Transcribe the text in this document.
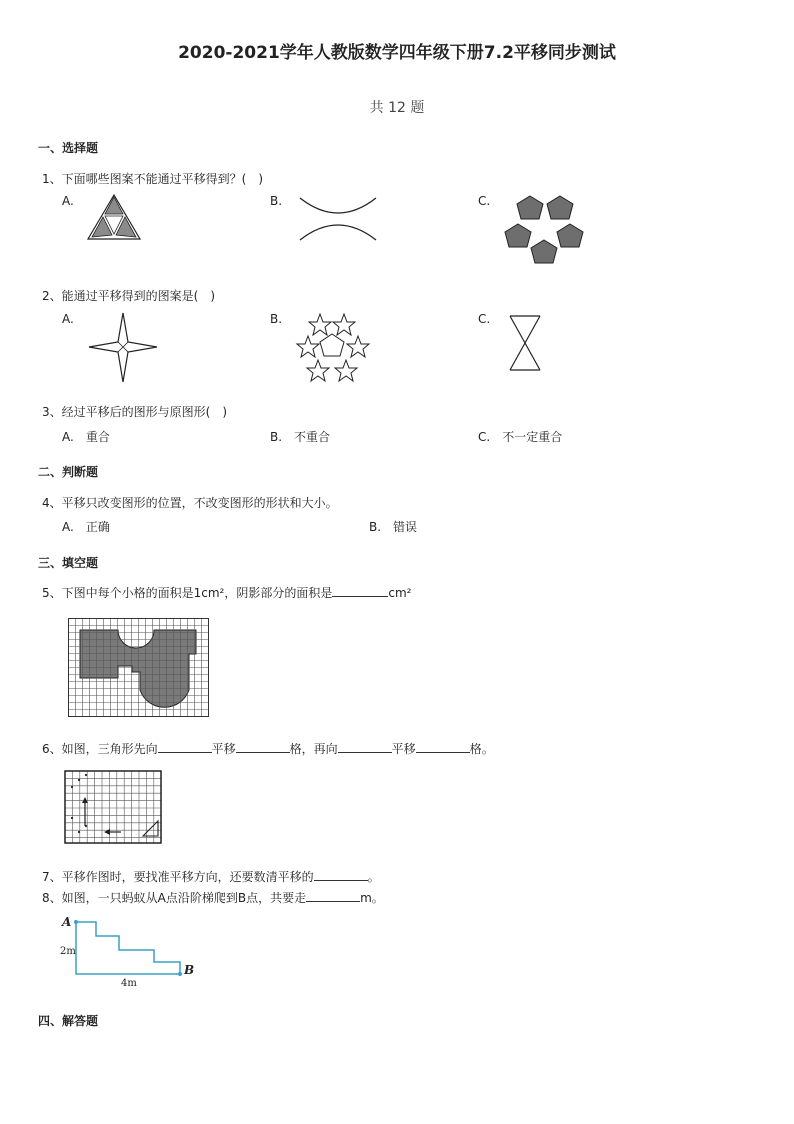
2020-2021学年人教版数学四年级下册7.2平移同步测试
共 12 题
一、选择题
1、下面哪些图案不能通过平移得到？(　)
A.	B.	C.
2、能通过平移得到的图案是(　)
A.	B.	C.
3、经过平移后的图形与原图形(　)
A.　重合	B.　不重合	C.　不一定重合
二、判断题
4、平移只改变图形的位置，不改变图形的形状和大小。
A.　正确	B.　错误
三、填空题
5、下图中每个小格的面积是1cm²，阴影部分的面积是	cm²
6、如图，三角形先向	平移	格，再向	平移	格。
7、平移作图时，要找准平移方向，还要数清平移的	。
8、如图，一只蚂蚁从A点沿阶梯爬到B点，共要走	m。
A
B
2m
4m
四、解答题
